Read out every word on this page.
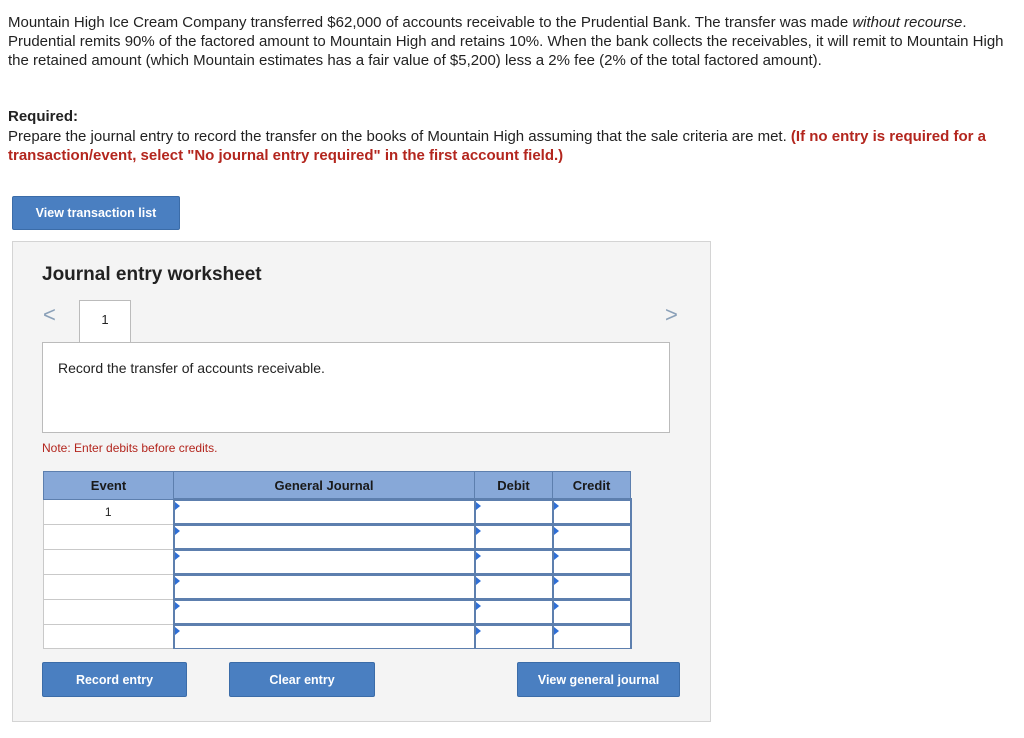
Mountain High Ice Cream Company transferred $62,000 of accounts receivable to the Prudential Bank. The transfer was made without recourse. Prudential remits 90% of the factored amount to Mountain High and retains 10%. When the bank collects the receivables, it will remit to Mountain High the retained amount (which Mountain estimates has a fair value of $5,200) less a 2% fee (2% of the total factored amount).

Required:
Prepare the journal entry to record the transfer on the books of Mountain High assuming that the sale criteria are met. (If no entry is required for a transaction/event, select "No journal entry required" in the first account field.)
View transaction list
Journal entry worksheet
<	>
1
Record the transfer of accounts receivable.
Note: Enter debits before credits.
Event	General Journal	Debit	Credit
1	

Record entry	Clear entry	View general journal
